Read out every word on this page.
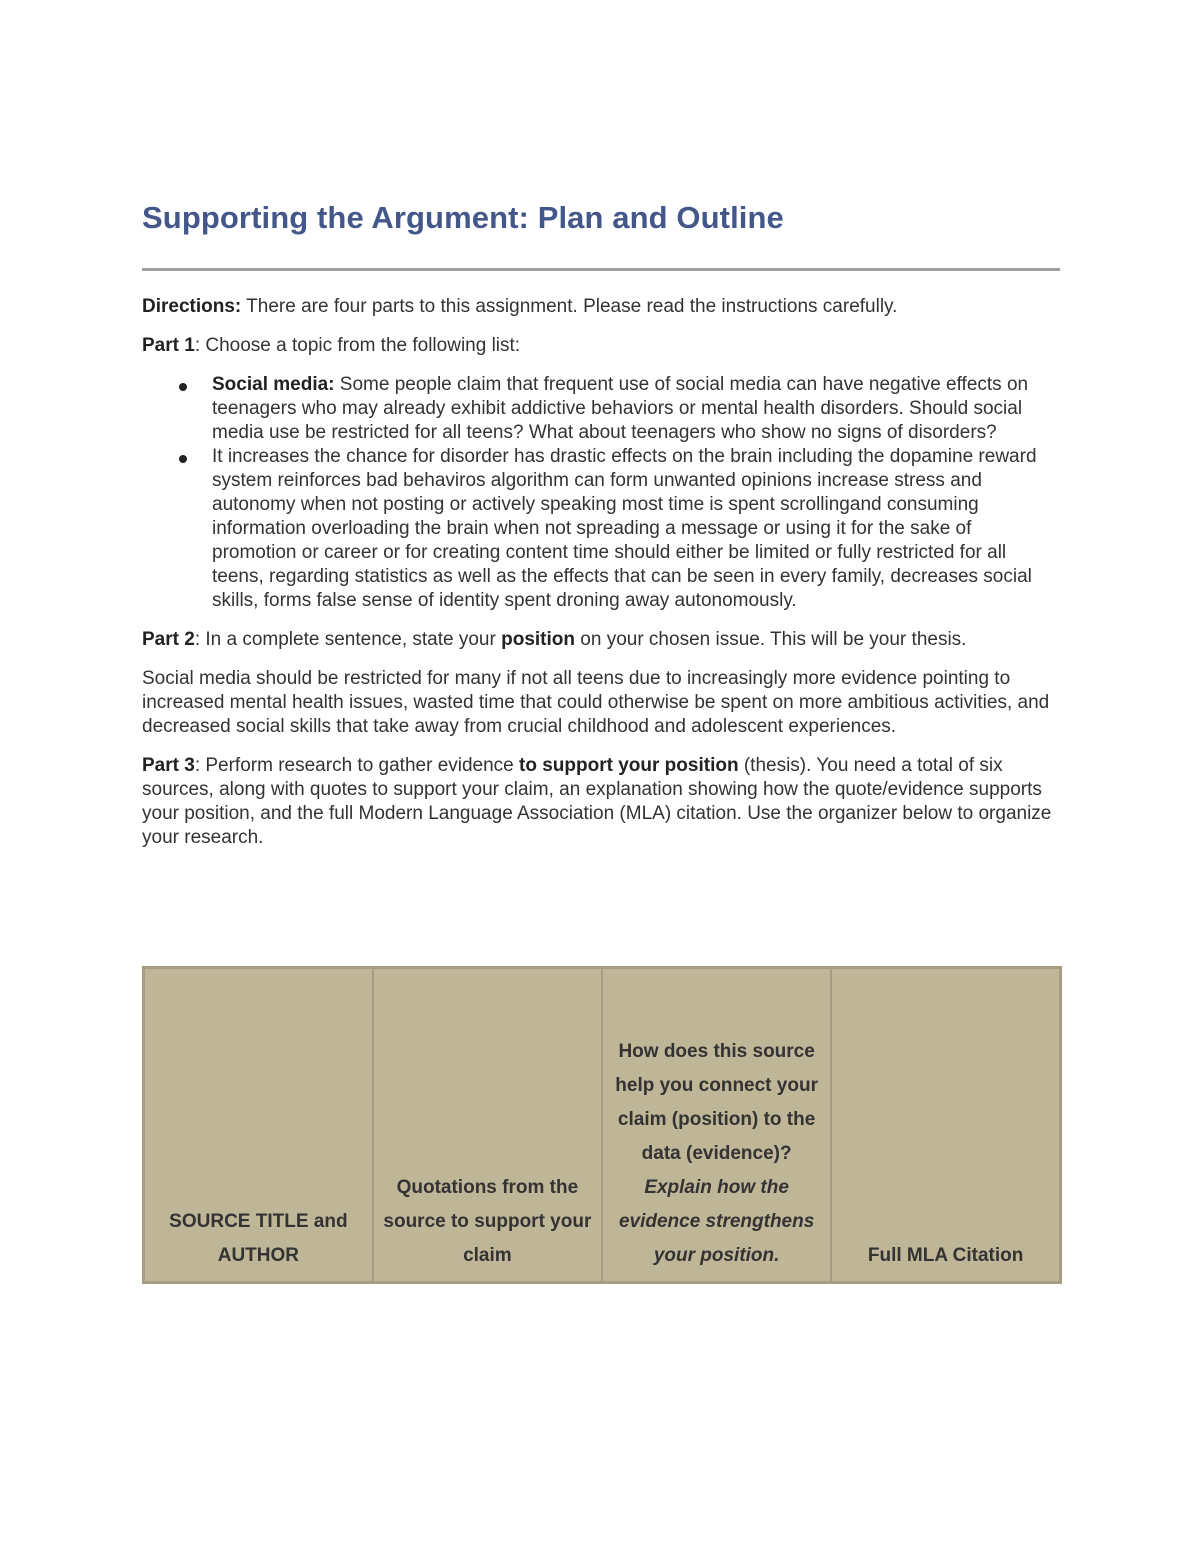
Supporting the Argument: Plan and Outline

Directions: There are four parts to this assignment. Please read the instructions carefully.

Part 1: Choose a topic from the following list:

Social media: Some people claim that frequent use of social media can have negative effects on teenagers who may already exhibit addictive behaviors or mental health disorders. Should social media use be restricted for all teens? What about teenagers who show no signs of disorders?
It increases the chance for disorder has drastic effects on the brain including the dopamine reward system reinforces bad behaviros algorithm can form unwanted opinions increase stress and autonomy when not posting or actively speaking most time is spent scrollingand consuming information overloading the brain when not spreading a message or using it for the sake of promotion or career or for creating content time should either be limited or fully restricted for all teens, regarding statistics as well as the effects that can be seen in every family, decreases social skills, forms false sense of identity spent droning away autonomously.

Part 2: In a complete sentence, state your position on your chosen issue. This will be your thesis.

Social media should be restricted for many if not all teens due to increasingly more evidence pointing to increased mental health issues, wasted time that could otherwise be spent on more ambitious activities, and decreased social skills that take away from crucial childhood and adolescent experiences.

Part 3: Perform research to gather evidence to support your position (thesis). You need a total of six sources, along with quotes to support your claim, an explanation showing how the quote/evidence supports your position, and the full Modern Language Association (MLA) citation. Use the organizer below to organize your research.

SOURCE TITLE and AUTHOR	Quotations from the source to support your claim	How does this source help you connect your claim (position) to the data (evidence)? Explain how the evidence strengthens your position.	Full MLA Citation
